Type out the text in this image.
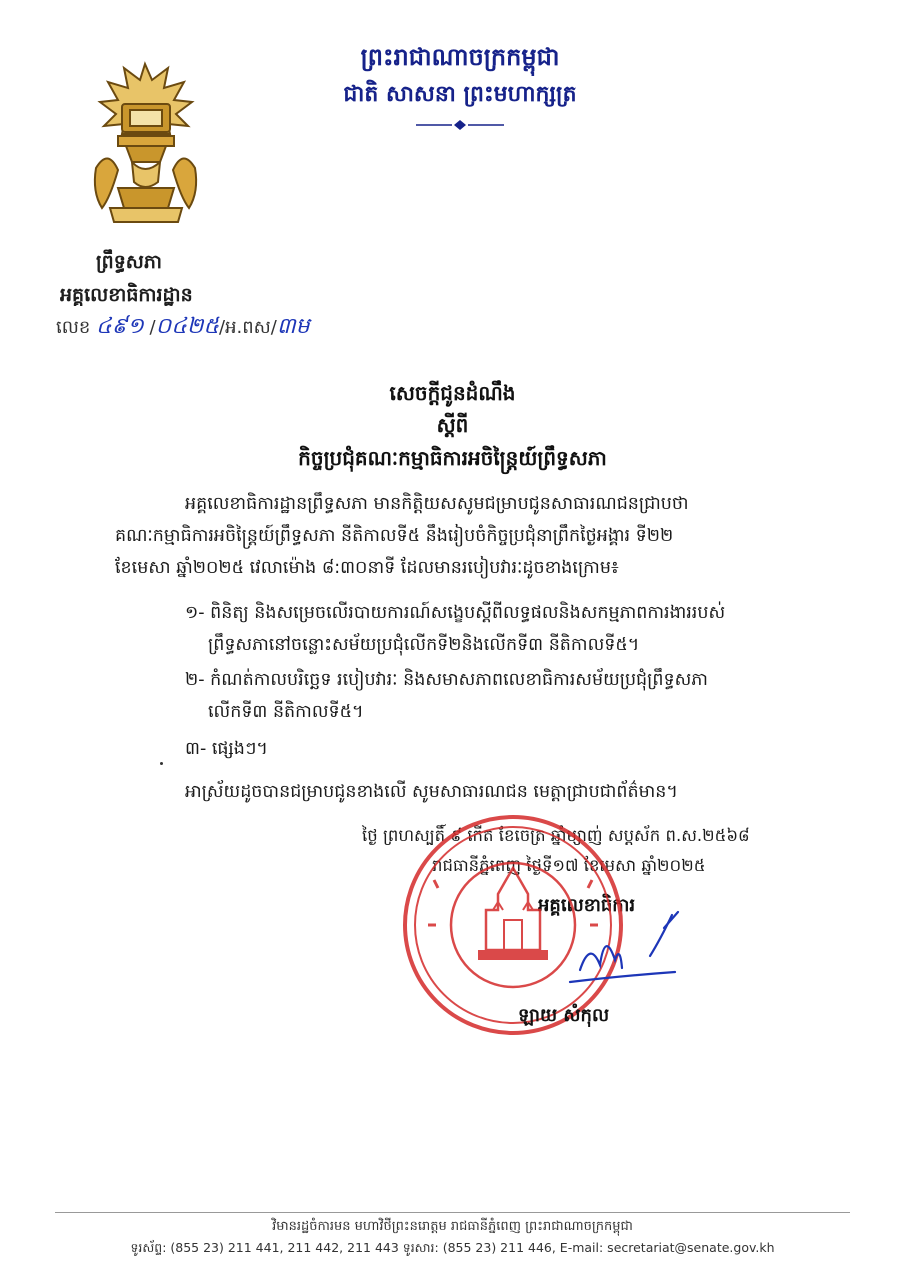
ព្រះរាជាណាចក្រកម្ពុជា
ជាតិ សាសនា ព្រះមហាក្សត្រ
ព្រឹទ្ធសភា
អគ្គលេខាធិការដ្ឋាន
លេខ ៤៩១ /០៤២៥/អ.ពស/៣ម
សេចក្តីជូនដំណឹង
ស្តីពី
កិច្ចប្រជុំគណៈកម្មាធិការអចិន្ត្រៃយ៍ព្រឹទ្ធសភា
អគ្គលេខាធិការដ្ឋានព្រឹទ្ធសភា មានកិត្តិយសសូមជម្រាបជូនសាធារណជនជ្រាបថា
គណៈកម្មាធិការអចិន្ត្រៃយ៍ព្រឹទ្ធសភា នីតិកាលទី៥ នឹងរៀបចំកិច្ចប្រជុំនាព្រឹកថ្ងៃអង្គារ ទី២២
ខែមេសា ឆ្នាំ២០២៥ វេលាម៉ោង ៨:៣០នាទី ដែលមានរបៀបវារៈដូចខាងក្រោម៖
១- ពិនិត្យ និងសម្រេចលើរបាយការណ៍សង្ខេបស្តីពីលទ្ធផលនិងសកម្មភាពការងាររបស់
ព្រឹទ្ធសភានៅចន្លោះសម័យប្រជុំលើកទី២និងលើកទី៣ នីតិកាលទី៥។
២- កំណត់កាលបរិច្ឆេទ របៀបវារៈ និងសមាសភាពលេខាធិការសម័យប្រជុំព្រឹទ្ធសភា
លើកទី៣ នីតិកាលទី៥។
៣- ផ្សេងៗ។
អាស្រ័យដូចបានជម្រាបជូនខាងលើ សូមសាធារណជន មេត្តាជ្រាបជាព័ត៌មាន។
ថ្ងៃ ព្រហស្បតិ៍ ៩ កើត ខែចេត្រ ឆ្នាំម្សាញ់ សប្តស័ក ព.ស.២៥៦៨
រាជធានីភ្នំពេញ ថ្ងៃទី១៧ ខែមេសា ឆ្នាំ២០២៥
អគ្គលេខាធិការ
ឡាយ សំកុល
វិមានរដ្ឋចំការមន មហាវិថីព្រះនរោត្តម រាជធានីភ្នំពេញ ព្រះរាជាណាចក្រកម្ពុជា
ទូរស័ព្ទ: (855 23) 211 441, 211 442, 211 443 ទូរសារ: (855 23) 211 446, E-mail: secretariat@senate.gov.kh
